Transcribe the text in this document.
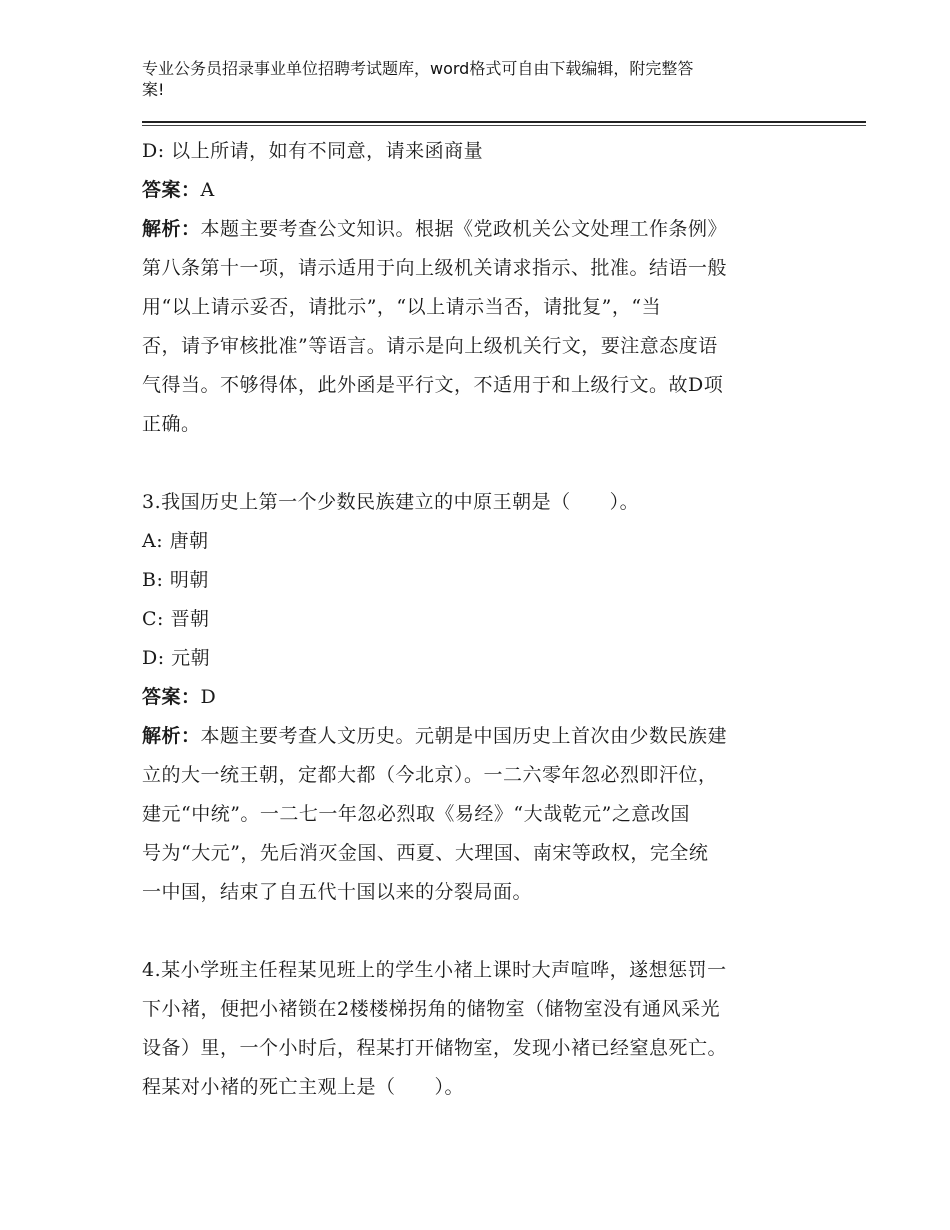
专业公务员招录事业单位招聘考试题库，word格式可自由下载编辑，附完整答
案!

D: 以上所请，如有不同意，请来函商量

答案：A

解析：本题主要考查公文知识。根据《党政机关公文处理工作条例》

第八条第十一项，请示适用于向上级机关请求指示、批准。结语一般

用“以上请示妥否，请批示”，“以上请示当否，请批复”，“当

否，请予审核批准”等语言。请示是向上级机关行文，要注意态度语

气得当。不够得体，此外函是平行文，不适用于和上级行文。故D项

正确。

3.我国历史上第一个少数民族建立的中原王朝是（　　）。

A: 唐朝

B: 明朝

C: 晋朝

D: 元朝

答案：D

解析：本题主要考查人文历史。元朝是中国历史上首次由少数民族建

立的大一统王朝，定都大都（今北京）。一二六零年忽必烈即汗位，

建元“中统”。一二七一年忽必烈取《易经》“大哉乾元”之意改国

号为“大元”，先后消灭金国、西夏、大理国、南宋等政权，完全统

一中国，结束了自五代十国以来的分裂局面。

4.某小学班主任程某见班上的学生小褚上课时大声喧哗，遂想惩罚一

下小褚，便把小褚锁在2楼楼梯拐角的储物室（储物室没有通风采光

设备）里，一个小时后，程某打开储物室，发现小褚已经窒息死亡。

程某对小褚的死亡主观上是（　　）。
